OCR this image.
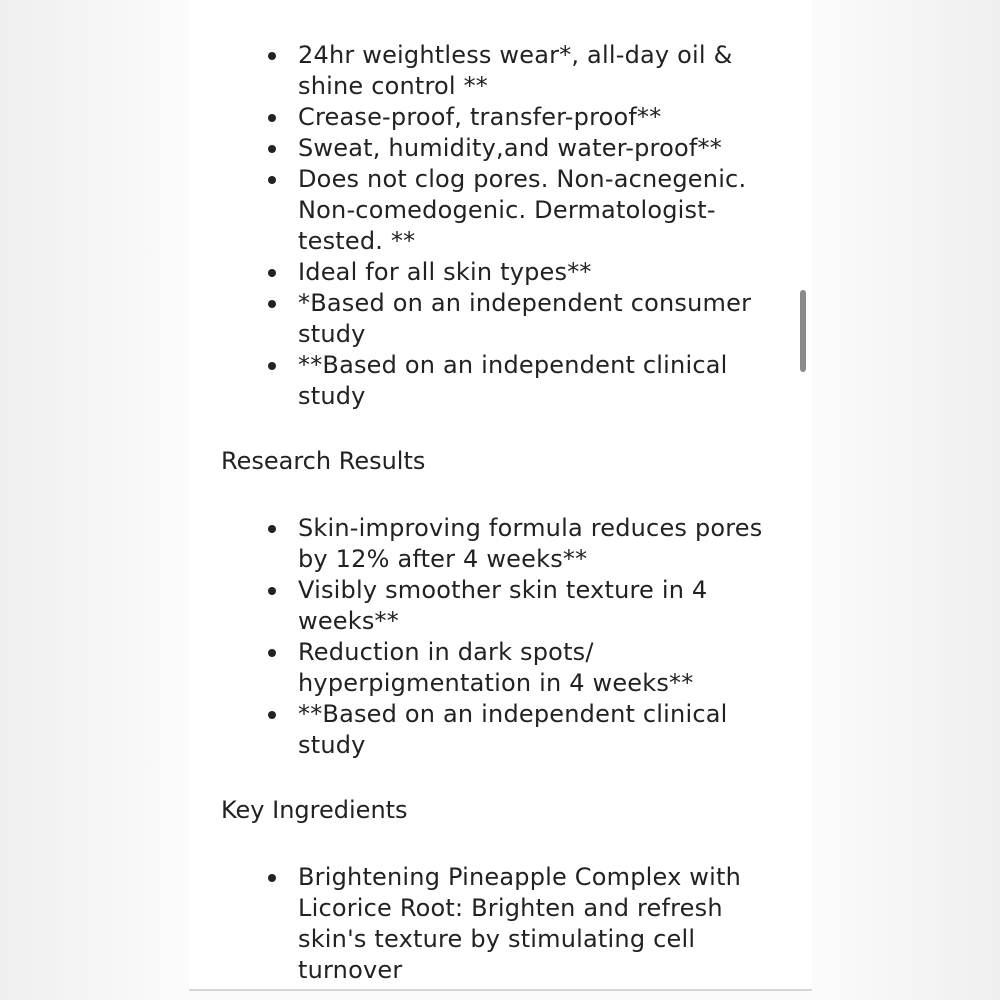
24hr weightless wear*, all-day oil & shine control **
Crease-proof, transfer-proof**
Sweat, humidity,and water-proof**
Does not clog pores. Non-acnegenic. Non-comedogenic. Dermatologist-tested. **
Ideal for all skin types**
*Based on an independent consumer study
**Based on an independent clinical study
Research Results
Skin-improving formula reduces pores by 12% after 4 weeks**
Visibly smoother skin texture in 4 weeks**
Reduction in dark spots/ hyperpigmentation in 4 weeks**
**Based on an independent clinical study
Key Ingredients
Brightening Pineapple Complex with Licorice Root: Brighten and refresh skin's texture by stimulating cell turnover
